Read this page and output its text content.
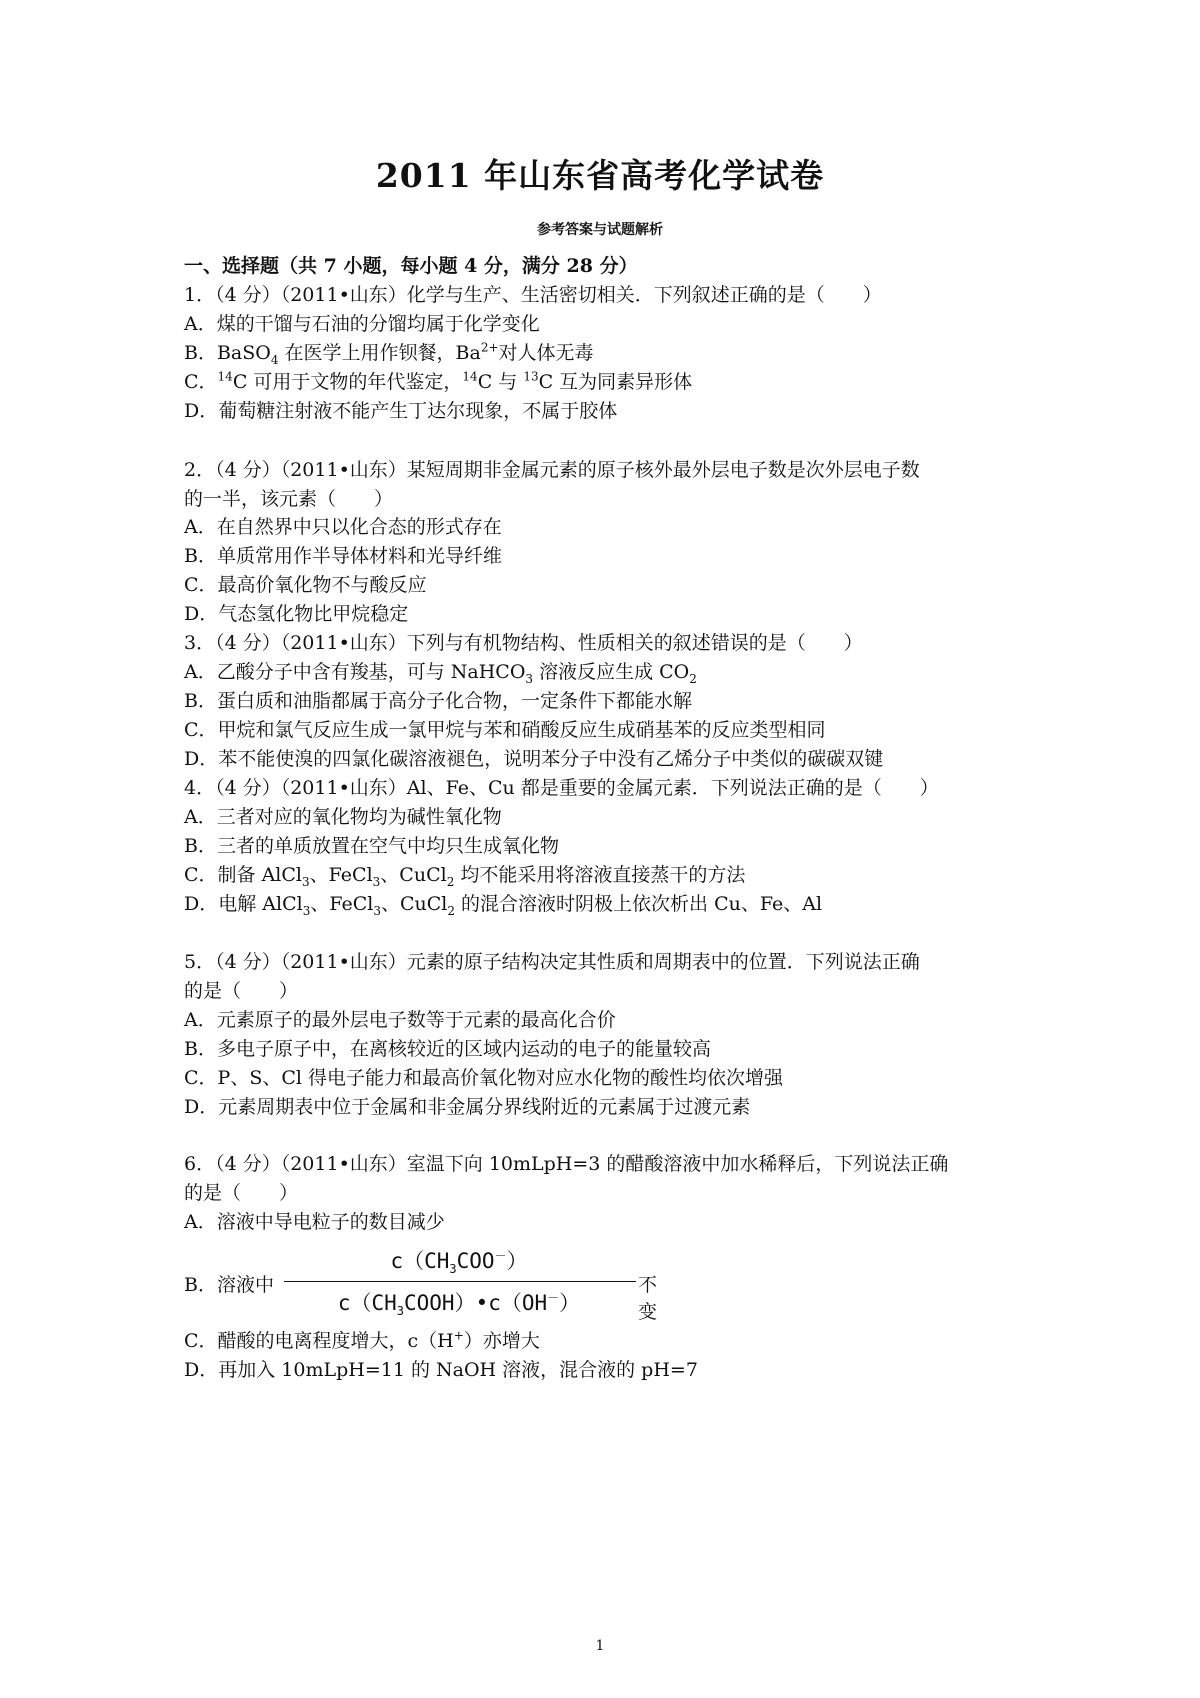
2011 年山东省高考化学试卷
参考答案与试题解析
一、选择题（共 7 小题，每小题 4 分，满分 28 分）
1．（4 分）（2011•山东）化学与生产、生活密切相关．下列叙述正确的是（　　）
A．煤的干馏与石油的分馏均属于化学变化
B．BaSO$_4$ 在医学上用作钡餐，$Ba^{2+}$对人体无毒
C．$^{14}$C 可用于文物的年代鉴定，$^{14}$C 与 $^{13}$C 互为同素异形体
D．葡萄糖注射液不能产生丁达尔现象，不属于胶体
2．（4 分）（2011•山东）某短周期非金属元素的原子核外最外层电子数是次外层电子数
的一半，该元素（　　）
A．在自然界中只以化合态的形式存在
B．单质常用作半导体材料和光导纤维
C．最高价氧化物不与酸反应
D．气态氢化物比甲烷稳定
3．（4 分）（2011•山东）下列与有机物结构、性质相关的叙述错误的是（　　）
A．乙酸分子中含有羧基，可与 NaHCO$_3$ 溶液反应生成 $CO_2$
B．蛋白质和油脂都属于高分子化合物，一定条件下都能水解
C．甲烷和氯气反应生成一氯甲烷与苯和硝酸反应生成硝基苯的反应类型相同
D．苯不能使溴的四氯化碳溶液褪色，说明苯分子中没有乙烯分子中类似的碳碳双键
4．（4 分）（2011•山东）Al、Fe、Cu 都是重要的金属元素．下列说法正确的是（　　）
A．三者对应的氧化物均为碱性氧化物
B．三者的单质放置在空气中均只生成氧化物
C．制备 AlCl$_3$、FeCl$_3$、CuCl$_2$ 均不能采用将溶液直接蒸干的方法
D．电解 AlCl$_3$、FeCl$_3$、CuCl$_2$ 的混合溶液时阴极上依次析出 Cu、Fe、Al
5．（4 分）（2011•山东）元素的原子结构决定其性质和周期表中的位置．下列说法正确
的是（　　）
A．元素原子的最外层电子数等于元素的最高化合价
B．多电子原子中，在离核较近的区域内运动的电子的能量较高
C．P、S、Cl 得电子能力和最高价氧化物对应水化物的酸性均依次增强
D．元素周期表中位于金属和非金属分界线附近的元素属于过渡元素
6．（4 分）（2011•山东）室温下向 10mLpH=3 的醋酸溶液中加水稀释后，下列说法正确
的是（　　）
A．溶液中导电粒子的数目减少
B．溶液中
$c(CH_3COO^-)$
$c(CH_3COOH)•c(OH^-)$
不变
C．醋酸的电离程度增大，c（H+）亦增大
D．再加入 10mLpH=11 的 NaOH 溶液，混合液的 pH=7
1
